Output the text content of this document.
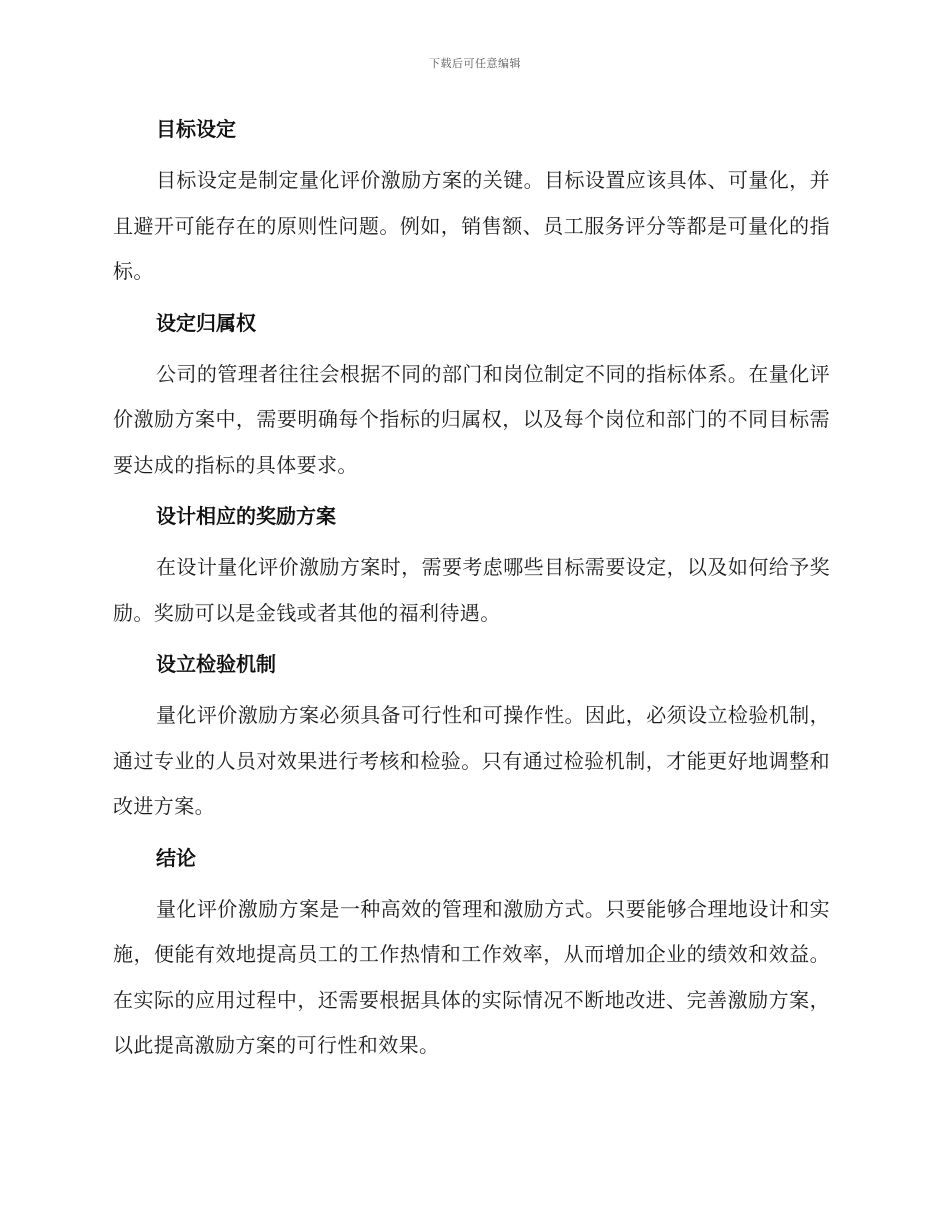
下载后可任意编辑
目标设定

目标设定是制定量化评价激励方案的关键。目标设置应该具体、可量化，并且避开可能存在的原则性问题。例如，销售额、员工服务评分等都是可量化的指标。

设定归属权

公司的管理者往往会根据不同的部门和岗位制定不同的指标体系。在量化评价激励方案中，需要明确每个指标的归属权，以及每个岗位和部门的不同目标需要达成的指标的具体要求。

设计相应的奖励方案

在设计量化评价激励方案时，需要考虑哪些目标需要设定，以及如何给予奖励。奖励可以是金钱或者其他的福利待遇。

设立检验机制

量化评价激励方案必须具备可行性和可操作性。因此，必须设立检验机制，通过专业的人员对效果进行考核和检验。只有通过检验机制，才能更好地调整和改进方案。

结论

量化评价激励方案是一种高效的管理和激励方式。只要能够合理地设计和实施，便能有效地提高员工的工作热情和工作效率，从而增加企业的绩效和效益。在实际的应用过程中，还需要根据具体的实际情况不断地改进、完善激励方案，以此提高激励方案的可行性和效果。
